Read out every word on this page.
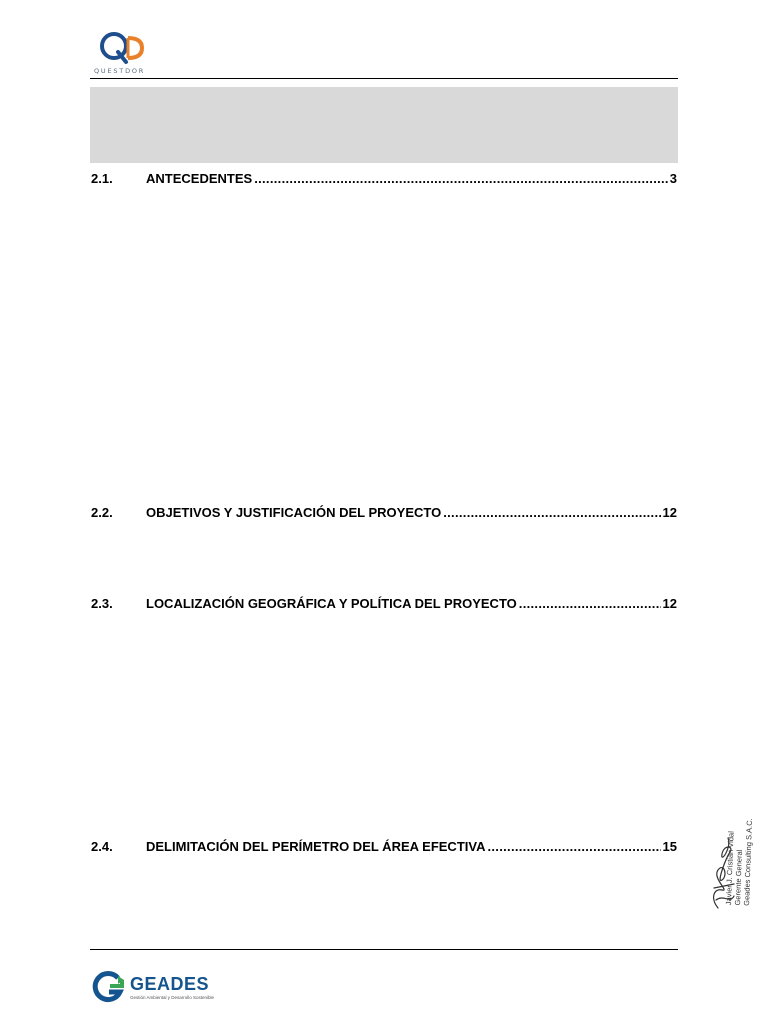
QUESTDOR
2.1.	ANTECEDENTES .....	3
2.2.	OBJETIVOS Y JUSTIFICACIÓN DEL PROYECTO .....	12
2.3.	LOCALIZACIÓN GEOGRÁFICA Y POLÍTICA DEL PROYECTO .....	12
2.4.	DELIMITACIÓN DEL PERÍMETRO DEL ÁREA EFECTIVA .....	15	Javier J. Cristian Vidal
Gerente General
Geades Consulting S.A.C.
GEADES
Gestión Ambiental y Desarrollo Sostenible
